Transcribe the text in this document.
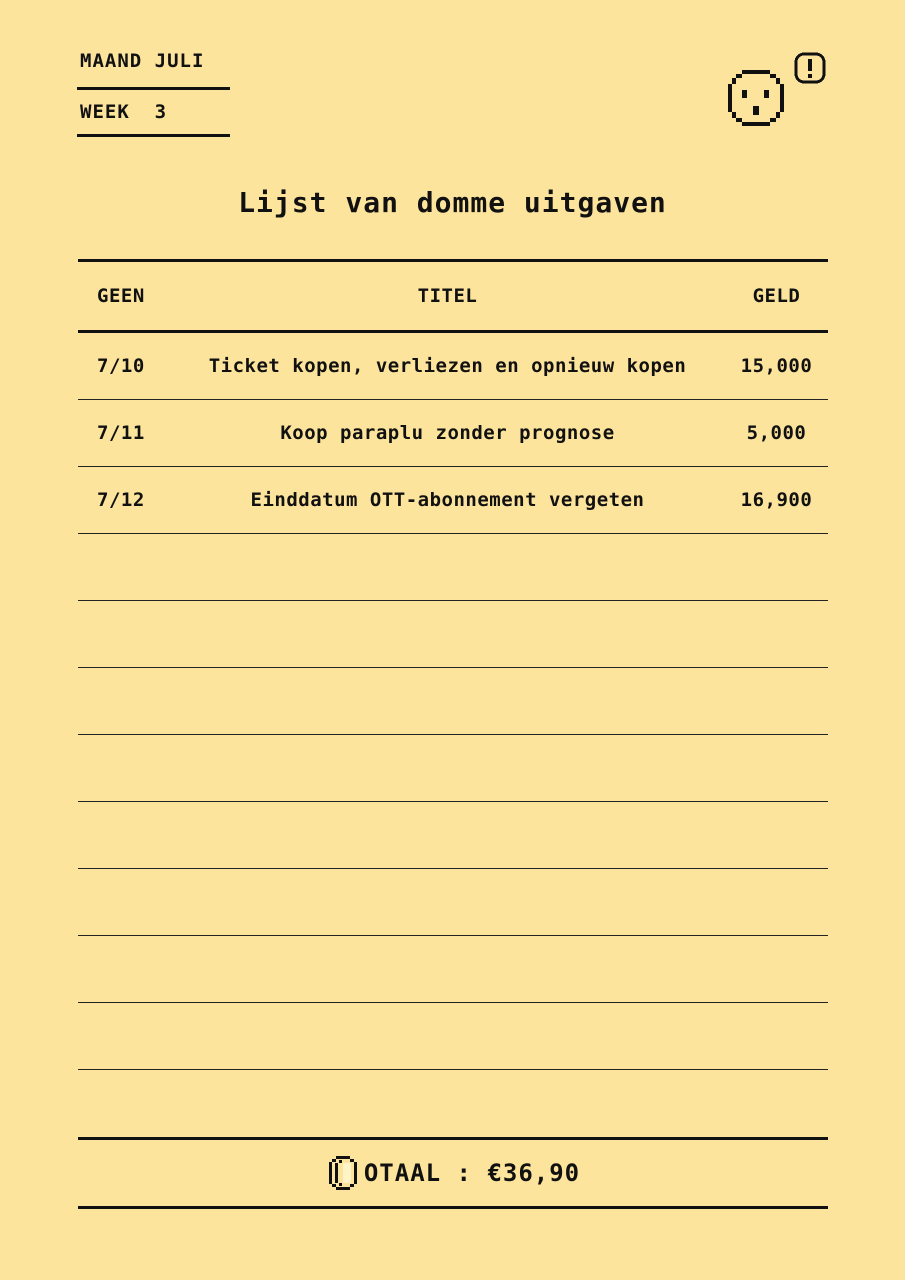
MAAND JULI
WEEK  3
Lijst van domme uitgaven
GEEN	TITEL	GELD
7/10	Ticket kopen, verliezen en opnieuw kopen	15,000
7/11	Koop paraplu zonder prognose	5,000
7/12	Einddatum OTT-abonnement vergeten	16,900
OTAAL : €36,90
